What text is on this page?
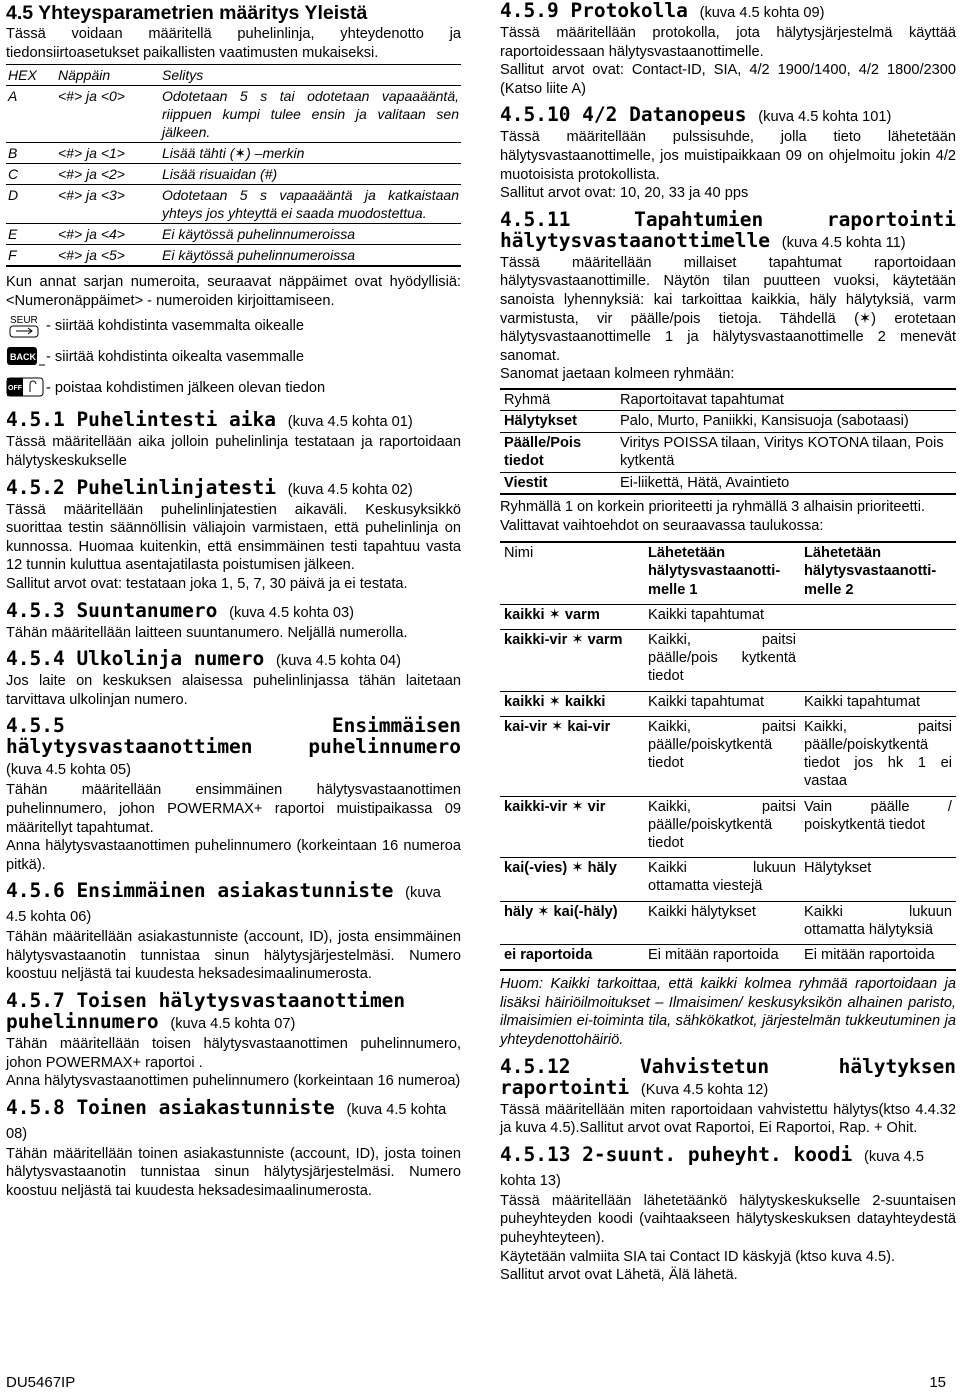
4.5 Yhteysparametrien määritys Yleistä

Tässä voidaan määritellä puhelinlinja, yhteydenotto ja tiedonsiirtoasetukset paikallisten vaatimusten mukaiseksi.

HEX	Näppäin	Selitys
A	<#> ja <0>	Odotetaan 5 s tai odotetaan vapaaääntä, riippuen kumpi tulee ensin ja valitaan sen jälkeen.
B	<#> ja <1>	Lisää tähti (✶) –merkin
C	<#> ja <2>	Lisää risuaidan (#)
D	<#> ja <3>	Odotetaan 5 s vapaaääntä ja katkaistaan yhteys jos yhteyttä ei saada muodostettua.
E	<#> ja <4>	Ei käytössä puhelinnumeroissa
F	<#> ja <5>	Ei käytössä puhelinnumeroissa

Kun annat sarjan numeroita, seuraavat näppäimet ovat hyödyllisiä: <Numeronäppäimet> - numeroiden kirjoittamiseen.

SEUR - siirtää kohdistinta vasemmalta oikealle
BACK - siirtää kohdistinta oikealta vasemmalle
OFF - poistaa kohdistimen jälkeen olevan tiedon
4.5.1 Puhelintesti aika (kuva 4.5 kohta 01)

Tässä määritellään aika jolloin puhelinlinja testataan ja raportoidaan hälytyskeskukselle

4.5.2 Puhelinlinjatesti (kuva 4.5 kohta 02)

Tässä määritellään puhelinlinjatestien aikaväli. Keskusyksikkö suorittaa testin säännöllisin väliajoin varmistaen, että puhelinlinja on kunnossa. Huomaa kuitenkin, että ensimmäinen testi tapahtuu vasta 12 tunnin kuluttua asentajatilasta poistumisen jälkeen.

Sallitut arvot ovat: testataan joka 1, 5, 7, 30 päivä ja ei testata.

4.5.3 Suuntanumero (kuva 4.5 kohta 03)

Tähän määritellään laitteen suuntanumero. Neljällä numerolla.

4.5.4 Ulkolinja numero (kuva 4.5 kohta 04)

Jos laite on keskuksen alaisessa puhelinlinjassa tähän laitetaan tarvittava ulkolinjan numero.

4.5.5 Ensimmäisen hälytysvastaanottimen puhelinnumero (kuva 4.5 kohta 05)

Tähän määritellään ensimmäinen hälytysvastaanottimen puhelinnumero, johon POWERMAX+ raportoi muistipaikassa 09 määritellyt tapahtumat.

Anna hälytysvastaanottimen puhelinnumero (korkeintaan 16 numeroa pitkä).

4.5.6 Ensimmäinen asiakastunniste (kuva 4.5 kohta 06)

Tähän määritellään asiakastunniste (account, ID), josta ensimmäinen hälytysvastaanotin tunnistaa sinun hälytysjärjestelmäsi. Numero koostuu neljästä tai kuudesta heksadesimaalinumerosta.

4.5.7 Toisen hälytysvastaanottimen puhelinnumero (kuva 4.5 kohta 07)

Tähän määritellään toisen hälytysvastaanottimen puhelinnumero, johon POWERMAX+ raportoi .

Anna hälytysvastaanottimen puhelinnumero (korkeintaan 16 numeroa)

4.5.8 Toinen asiakastunniste (kuva 4.5 kohta 08)

Tähän määritellään toinen asiakastunniste (account, ID), josta toinen hälytysvastaanotin tunnistaa sinun hälytysjärjestelmäsi. Numero koostuu neljästä tai kuudesta heksadesimaalinumerosta.

4.5.9 Protokolla (kuva 4.5 kohta 09)

Tässä määritellään protokolla, jota hälytysjärjestelmä käyttää raportoidessaan hälytysvastaanottimelle.

Sallitut arvot ovat: Contact-ID, SIA, 4/2 1900/1400, 4/2 1800/2300 (Katso liite A)

4.5.10 4/2 Datanopeus (kuva 4.5 kohta 101)

Tässä määritellään pulssisuhde, jolla tieto lähetetään hälytysvastaanottimelle, jos muistipaikkaan 09 on ohjelmoitu jokin 4/2 muotoisista protokollista.

Sallitut arvot ovat: 10, 20, 33 ja 40 pps

4.5.11 Tapahtumien raportointi hälytysvastaanottimelle (kuva 4.5 kohta 11)

Tässä määritellään millaiset tapahtumat raportoidaan hälytysvastaanottimille. Näytön tilan puutteen vuoksi, käytetään sanoista lyhennyksiä: kai tarkoittaa kaikkia, häly hälytyksiä, varm varmistusta, vir päälle/pois tietoja. Tähdellä (✶) erotetaan hälytysvastaanottimelle 1 ja hälytysvastaanottimelle 2 menevät sanomat.

Sanomat jaetaan kolmeen ryhmään:

Ryhmä	Raportoitavat tapahtumat
Hälytykset	Palo, Murto, Paniikki, Kansisuoja (sabotaasi)
Päälle/Pois tiedot	Viritys POISSA tilaan, Viritys KOTONA tilaan, Pois kytkentä
Viestit	Ei-liikettä, Hätä, Avaintieto

Ryhmällä 1 on korkein prioriteetti ja ryhmällä 3 alhaisin prioriteetti.

Valittavat vaihtoehdot on seuraavassa taulukossa:

Nimi	Lähetetään hälytysvastaanotti-melle 1	Lähetetään hälytysvastaanotti-melle 2
kaikki ✶ varm	Kaikki tapahtumat	
kaikki-vir ✶ varm	Kaikki, paitsi päälle/pois kytkentä tiedot	
kaikki ✶ kaikki	Kaikki tapahtumat	Kaikki tapahtumat
kai-vir ✶ kai-vir	Kaikki, paitsi päälle/poiskytkentä tiedot	Kaikki, paitsi päälle/poiskytkentä tiedot jos hk 1 ei vastaa
kaikki-vir ✶ vir	Kaikki, paitsi päälle/poiskytkentä tiedot	Vain päälle / poiskytkentä tiedot
kai(-vies) ✶ häly	Kaikki lukuun ottamatta viestejä	Hälytykset
häly ✶ kai(-häly)	Kaikki hälytykset	Kaikki lukuun ottamatta hälytyksiä
ei raportoida	Ei mitään raportoida	Ei mitään raportoida

Huom: Kaikki tarkoittaa, että kaikki kolmea ryhmää raportoidaan ja lisäksi häiriöilmoitukset – Ilmaisimen/ keskusyksikön alhainen paristo, ilmaisimien ei-toiminta tila, sähkökatkot, järjestelmän tukkeutuminen ja yhteydenottohäiriö.

4.5.12 Vahvistetun hälytyksen raportointi (Kuva 4.5 kohta 12)

Tässä määritellään miten raportoidaan vahvistettu hälytys(ktso 4.4.32 ja kuva 4.5).Sallitut arvot ovat Raportoi, Ei Raportoi, Rap. + Ohit.

4.5.13 2-suunt. puheyht. koodi (kuva 4.5 kohta 13)

Tässä määritellään lähetetäänkö hälytyskeskukselle 2-suuntaisen puheyhteyden koodi (vaihtaakseen hälytyskeskuksen datayhteydestä puheyhteyteen).

Käytetään valmiita SIA tai Contact ID käskyjä (ktso kuva 4.5).

Sallitut arvot ovat Lähetä, Älä lähetä.

DU5467IP	15
